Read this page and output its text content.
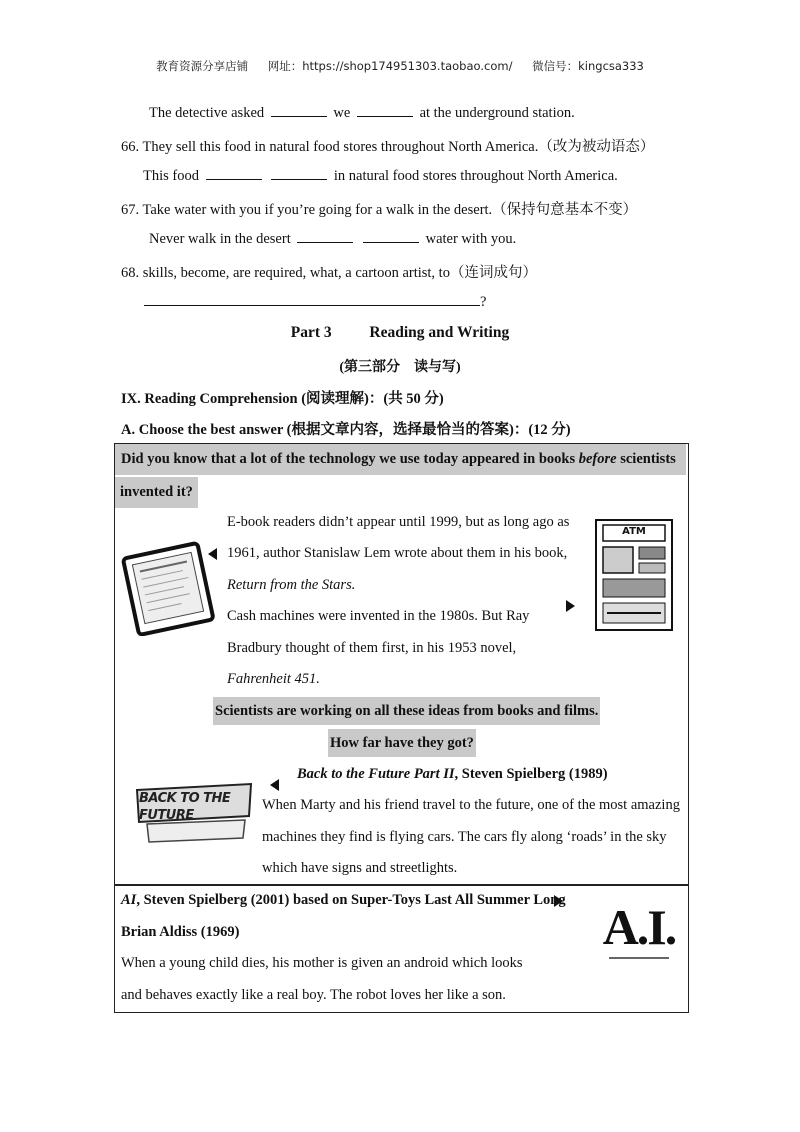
教育资源分享店铺 网址：https://shop174951303.taobao.com/ 微信号：kingcsa333
The detective asked	we	at the underground station.
66. They sell this food in natural food stores throughout North America.（改为被动语态）
This food	in natural food stores throughout North America.
67. Take water with you if you’re going for a walk in the desert.（保持句意基本不变）
Never walk in the desert	water with you.
68. skills, become, are required, what, a cartoon artist, to（连词成句）
?
Part 3 Reading and Writing
(第三部分　读与写)
IX. Reading Comprehension (阅读理解)：(共 50 分)
A. Choose the best answer (根据文章内容，选择最恰当的答案)：(12 分)
Did you know that a lot of the technology we use today appeared in books before scientists
invented it?
E-book readers didn’t appear until 1999, but as long ago as
1961, author Stanislaw Lem wrote about them in his book,
Return from the Stars.
Cash machines were invented in the 1980s. But Ray
Bradbury thought of them first, in his 1953 novel,
Fahrenheit 451.
ATM
Scientists are working on all these ideas from books and films.
How far have they got?
Back to the Future Part II, Steven Spielberg (1989)
BACK TO THE FUTURE
When Marty and his friend travel to the future, one of the most amazing
machines they find is flying cars. The cars fly along ‘roads’ in the sky
which have signs and streetlights.
AI, Steven Spielberg (2001) based on Super-Toys Last All Summer Long
Brian Aldiss (1969)
When a young child dies, his mother is given an android which looks
and behaves exactly like a real boy. The robot loves her like a son.
A.I.
